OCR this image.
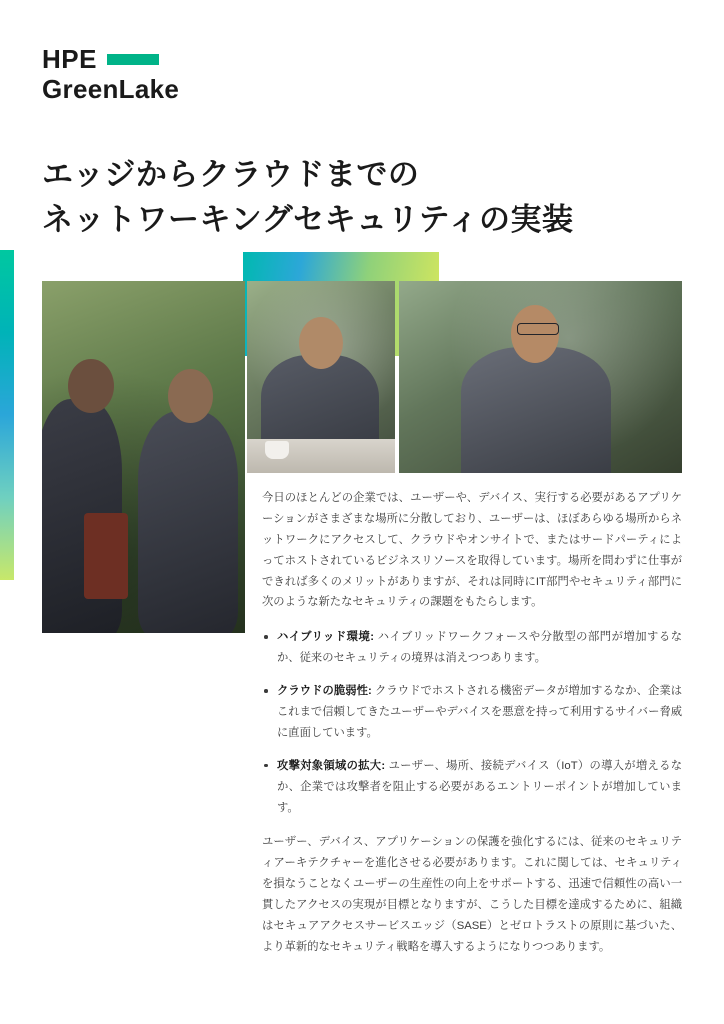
HPE
GreenLake
エッジからクラウドまでの
ネットワーキングセキュリティの実装

今日のほとんどの企業では、ユーザーや、デバイス、実行する必要があるアプリケーションがさまざまな場所に分散しており、ユーザーは、ほぼあらゆる場所からネットワークにアクセスして、クラウドやオンサイトで、またはサードパーティによってホストされているビジネスリソースを取得しています。場所を問わずに仕事ができれば多くのメリットがありますが、それは同時にIT部門やセキュリティ部門に次のような新たなセキュリティの課題をもたらします。

ハイブリッド環境: ハイブリッドワークフォースや分散型の部門が増加するなか、従来のセキュリティの境界は消えつつあります。
クラウドの脆弱性: クラウドでホストされる機密データが増加するなか、企業はこれまで信頼してきたユーザーやデバイスを悪意を持って利用するサイバー脅威に直面しています。
攻撃対象領域の拡大: ユーザー、場所、接続デバイス（IoT）の導入が増えるなか、企業では攻撃者を阻止する必要があるエントリーポイントが増加しています。

ユーザー、デバイス、アプリケーションの保護を強化するには、従来のセキュリティアーキテクチャーを進化させる必要があります。これに関しては、セキュリティを損なうことなくユーザーの生産性の向上をサポートする、迅速で信頼性の高い一貫したアクセスの実現が目標となりますが、こうした目標を達成するために、組織はセキュアアクセスサービスエッジ（SASE）とゼロトラストの原則に基づいた、より革新的なセキュリティ戦略を導入するようになりつつあります。
